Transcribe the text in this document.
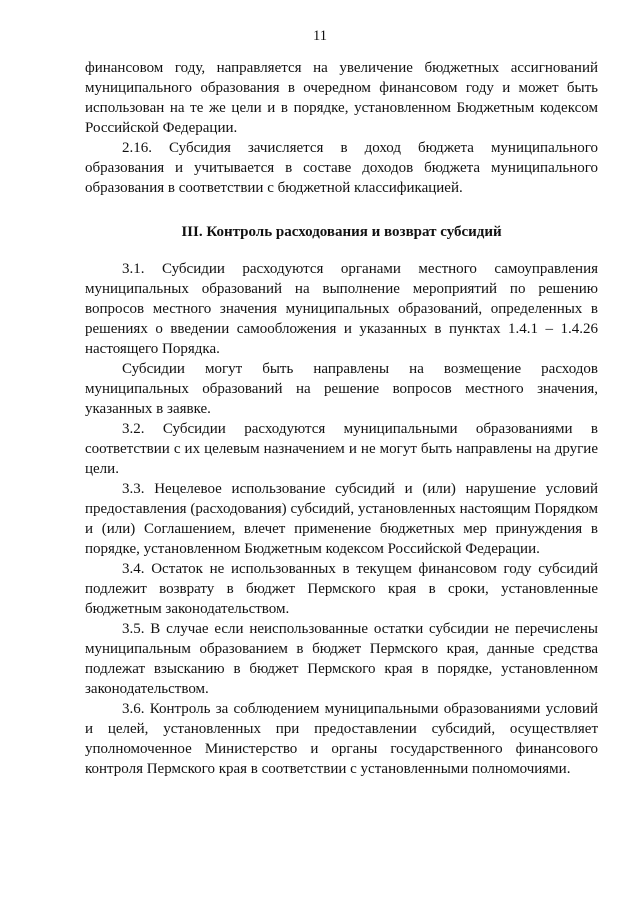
11

финансовом году, направляется на увеличение бюджетных ассигнований муниципального образования в очередном финансовом году и может быть использован на те же цели и в порядке, установленном Бюджетным кодексом Российской Федерации.

2.16. Субсидия зачисляется в доход бюджета муниципального образования и учитывается в составе доходов бюджета муниципального образования в соответствии с бюджетной классификацией.

III. Контроль расходования и возврат субсидий

3.1. Субсидии расходуются органами местного самоуправления муниципальных образований на выполнение мероприятий по решению вопросов местного значения муниципальных образований, определенных в решениях о введении самообложения и указанных в пунктах 1.4.1 – 1.4.26 настоящего Порядка.

Субсидии могут быть направлены на возмещение расходов муниципальных образований на решение вопросов местного значения, указанных в заявке.

3.2. Субсидии расходуются муниципальными образованиями в соответствии с их целевым назначением и не могут быть направлены на другие цели.

3.3. Нецелевое использование субсидий и (или) нарушение условий предоставления (расходования) субсидий, установленных настоящим Порядком и (или) Соглашением, влечет применение бюджетных мер принуждения в порядке, установленном Бюджетным кодексом Российской Федерации.

3.4. Остаток не использованных в текущем финансовом году субсидий подлежит возврату в бюджет Пермского края в сроки, установленные бюджетным законодательством.

3.5. В случае если неиспользованные остатки субсидии не перечислены муниципальным образованием в бюджет Пермского края, данные средства подлежат взысканию в бюджет Пермского края в порядке, установленном законодательством.

3.6. Контроль за соблюдением муниципальными образованиями условий и целей, установленных при предоставлении субсидий, осуществляет уполномоченное Министерство и органы государственного финансового контроля Пермского края в соответствии с установленными полномочиями.
